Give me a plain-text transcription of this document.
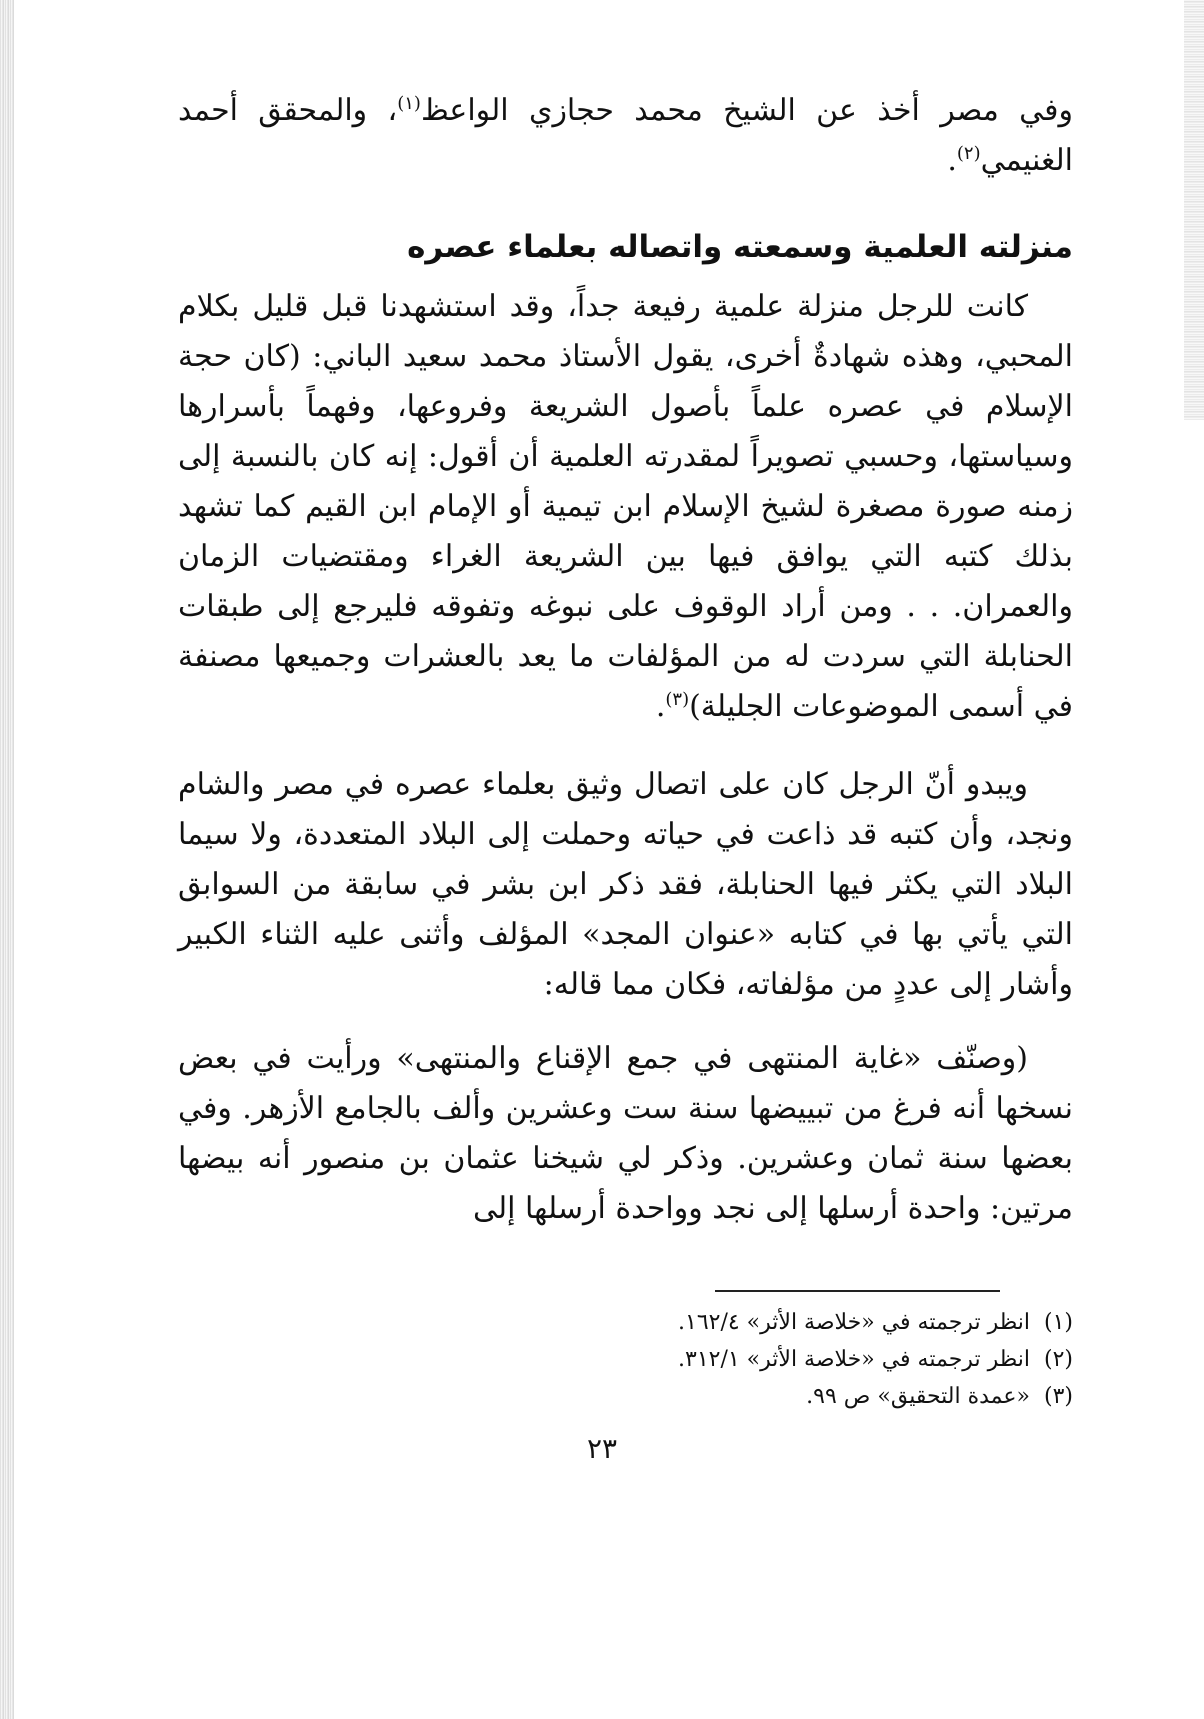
وفي مصر أخذ عن الشيخ محمد حجازي الواعظ$^{(١)}$، والمحقق أحمد الغنيمي$^{(٢)}$.

منزلته العلمية وسمعته واتصاله بعلماء عصره

كانت للرجل منزلة علمية رفيعة جداً، وقد استشهدنا قبل قليل بكلام المحبي، وهذه شهادةٌ أخرى، يقول الأستاذ محمد سعيد الباني: (كان حجة الإسلام في عصره علماً بأصول الشريعة وفروعها، وفهماً بأسرارها وسياستها، وحسبي تصويراً لمقدرته العلمية أن أقول: إنه كان بالنسبة إلى زمنه صورة مصغرة لشيخ الإسلام ابن تيمية أو الإمام ابن القيم كما تشهد بذلك كتبه التي يوافق فيها بين الشريعة الغراء ومقتضيات الزمان والعمران. . . ومن أراد الوقوف على نبوغه وتفوقه فليرجع إلى طبقات الحنابلة التي سردت له من المؤلفات ما يعد بالعشرات وجميعها مصنفة في أسمى الموضوعات الجليلة)$^{(٣)}$.

ويبدو أنّ الرجل كان على اتصال وثيق بعلماء عصره في مصر والشام ونجد، وأن كتبه قد ذاعت في حياته وحملت إلى البلاد المتعددة، ولا سيما البلاد التي يكثر فيها الحنابلة، فقد ذكر ابن بشر في سابقة من السوابق التي يأتي بها في كتابه «عنوان المجد» المؤلف وأثنى عليه الثناء الكبير وأشار إلى عددٍ من مؤلفاته، فكان مما قاله:

(وصنّف «غاية المنتهى في جمع الإقناع والمنتهى» ورأيت في بعض نسخها أنه فرغ من تبييضها سنة ست وعشرين وألف بالجامع الأزهر. وفي بعضها سنة ثمان وعشرين. وذكر لي شيخنا عثمان بن منصور أنه بيضها مرتين: واحدة أرسلها إلى نجد وواحدة أرسلها إلى

(١)انظر ترجمته في «خلاصة الأثر» ١٦٢/٤.

(٢)انظر ترجمته في «خلاصة الأثر» ٣١٢/١.

(٣)«عمدة التحقيق» ص ٩٩.

٢٣
